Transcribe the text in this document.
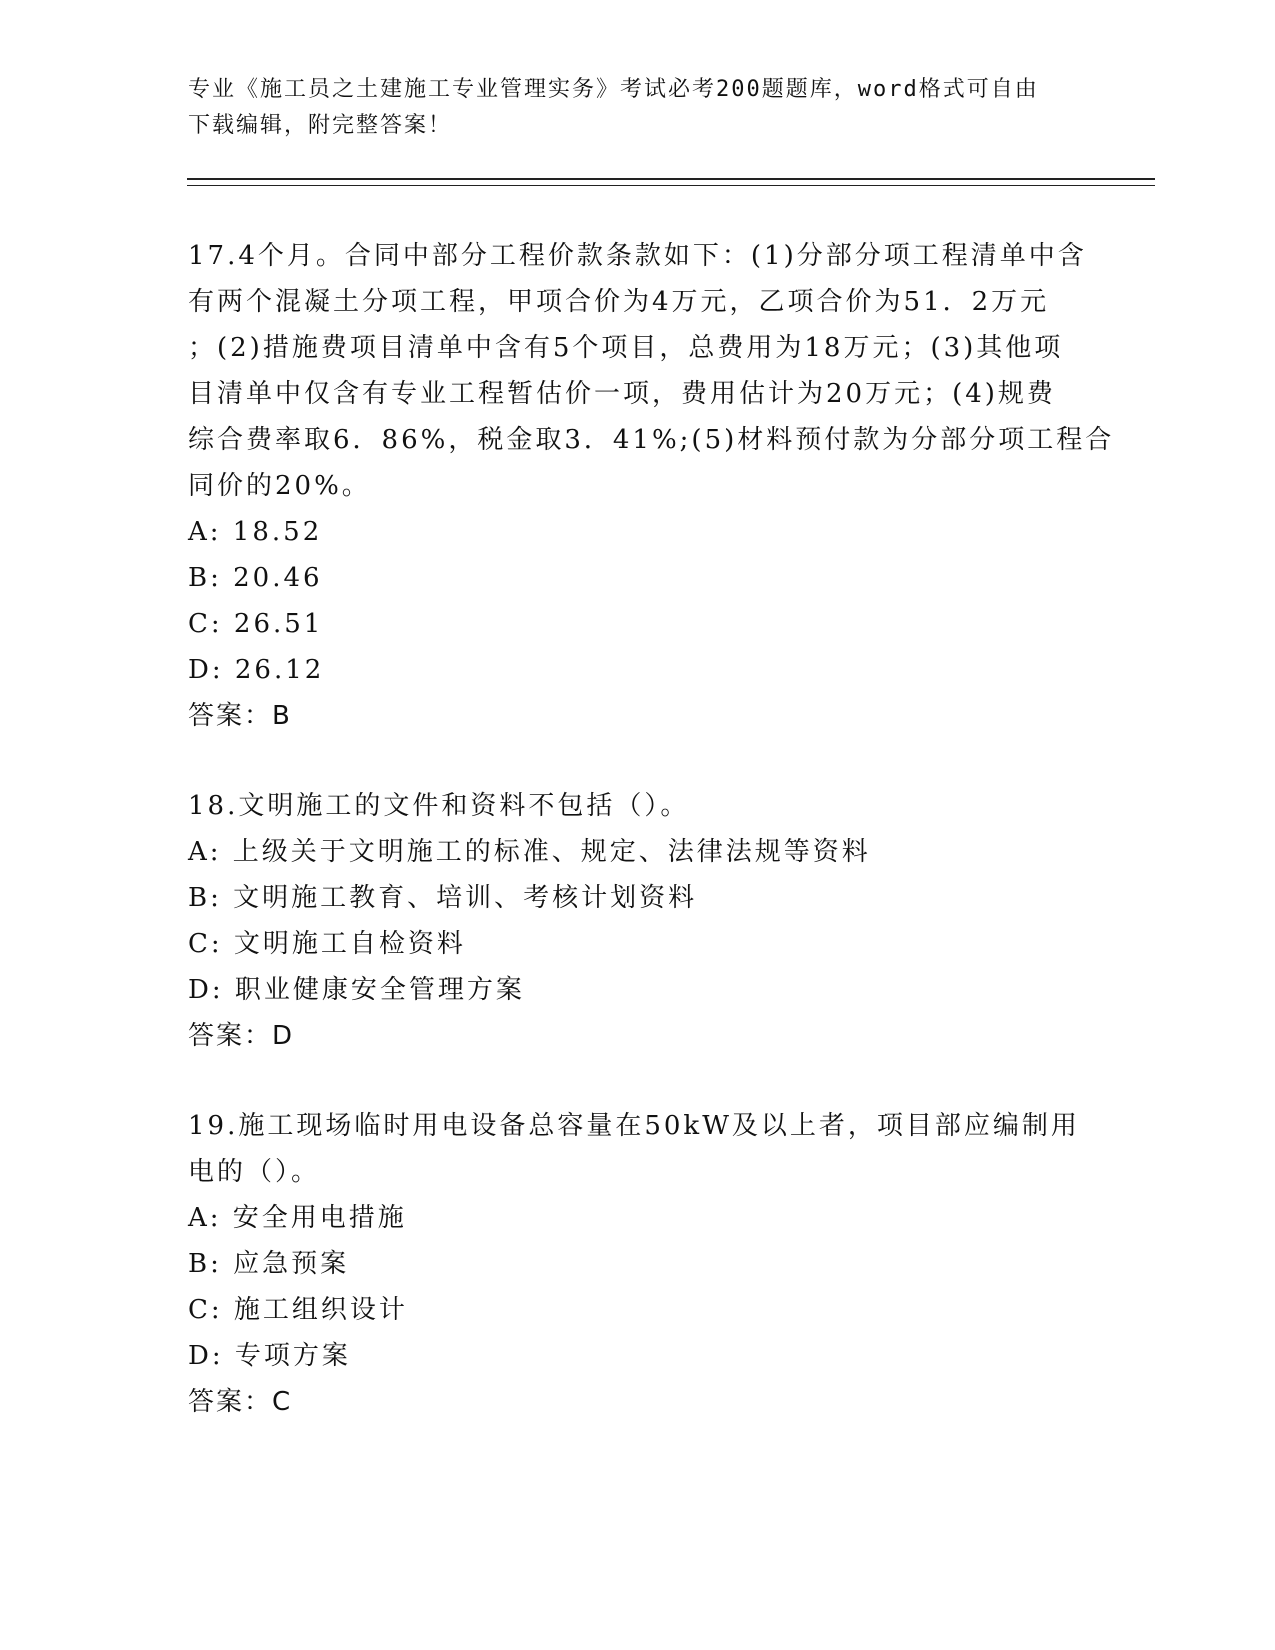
专业《施工员之土建施工专业管理实务》考试必考200题题库，word格式可自由
下载编辑，附完整答案！
17.4个月。合同中部分工程价款条款如下：(1)分部分项工程清单中含
有两个混凝土分项工程，甲项合价为4万元，乙项合价为51．2万元
；(2)措施费项目清单中含有5个项目，总费用为18万元；(3)其他项
目清单中仅含有专业工程暂估价一项，费用估计为20万元；(4)规费
综合费率取6．86%，税金取3．41%;(5)材料预付款为分部分项工程合
同价的20%。
A: 18.52
B: 20.46
C: 26.51
D: 26.12
答案：B
18.文明施工的文件和资料不包括（）。
A: 上级关于文明施工的标准、规定、法律法规等资料
B: 文明施工教育、培训、考核计划资料
C: 文明施工自检资料
D: 职业健康安全管理方案
答案：D
19.施工现场临时用电设备总容量在50kW及以上者，项目部应编制用
电的（）。
A: 安全用电措施
B: 应急预案
C: 施工组织设计
D: 专项方案
答案：C
